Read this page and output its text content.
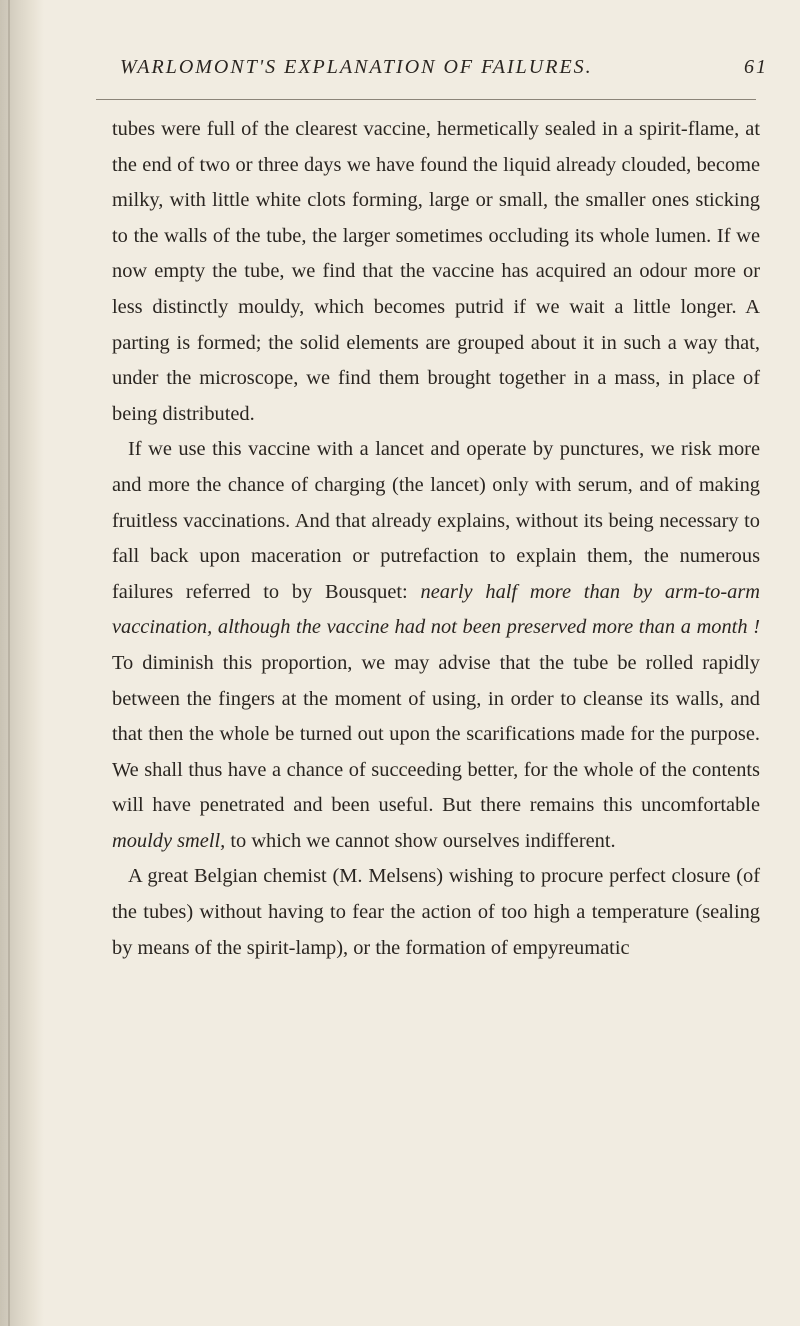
WARLOMONT'S EXPLANATION OF FAILURES.	61

tubes were full of the clearest vaccine, hermetically sealed in a spirit-flame, at the end of two or three days we have found the liquid already clouded, become milky, with little white clots forming, large or small, the smaller ones sticking to the walls of the tube, the larger sometimes occluding its whole lumen. If we now empty the tube, we find that the vaccine has acquired an odour more or less distinctly mouldy, which becomes putrid if we wait a little longer. A parting is formed; the solid elements are grouped about it in such a way that, under the microscope, we find them brought together in a mass, in place of being distributed.

If we use this vaccine with a lancet and operate by punctures, we risk more and more the chance of charging (the lancet) only with serum, and of making fruitless vaccinations. And that already explains, without its being necessary to fall back upon maceration or putrefaction to explain them, the numerous failures referred to by Bousquet: nearly half more than by arm-to-arm vaccination, although the vaccine had not been preserved more than a month ! To diminish this proportion, we may advise that the tube be rolled rapidly between the fingers at the moment of using, in order to cleanse its walls, and that then the whole be turned out upon the scarifications made for the purpose. We shall thus have a chance of succeeding better, for the whole of the contents will have penetrated and been useful. But there remains this uncomfortable mouldy smell, to which we cannot show ourselves indifferent.

A great Belgian chemist (M. Melsens) wishing to procure perfect closure (of the tubes) without having to fear the action of too high a temperature (sealing by means of the spirit-lamp), or the formation of empyreumatic
